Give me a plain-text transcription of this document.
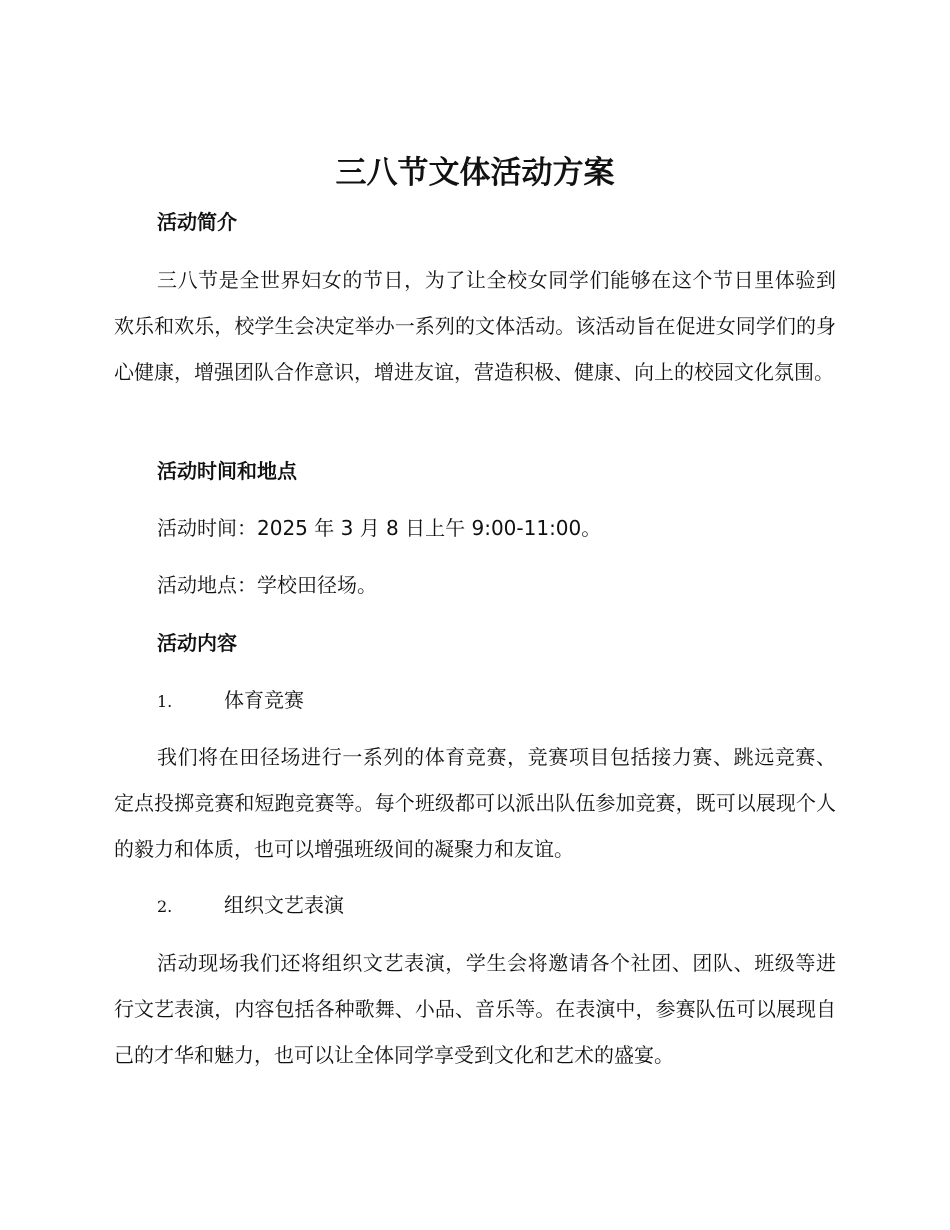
三八节文体活动方案
活动简介

三八节是全世界妇女的节日，为了让全校女同学们能够在这个节日里体验到欢乐和欢乐，校学生会决定举办一系列的文体活动。该活动旨在促进女同学们的身心健康，增强团队合作意识，增进友谊，营造积极、健康、向上的校园文化氛围。

活动时间和地点

活动时间：2025 年 3 月 8 日上午 9:00-11:00。

活动地点：学校田径场。

活动内容

1.	体育竞赛

我们将在田径场进行一系列的体育竞赛，竞赛项目包括接力赛、跳远竞赛、定点投掷竞赛和短跑竞赛等。每个班级都可以派出队伍参加竞赛，既可以展现个人的毅力和体质，也可以增强班级间的凝聚力和友谊。

2.	组织文艺表演

活动现场我们还将组织文艺表演，学生会将邀请各个社团、团队、班级等进行文艺表演，内容包括各种歌舞、小品、音乐等。在表演中，参赛队伍可以展现自己的才华和魅力，也可以让全体同学享受到文化和艺术的盛宴。
